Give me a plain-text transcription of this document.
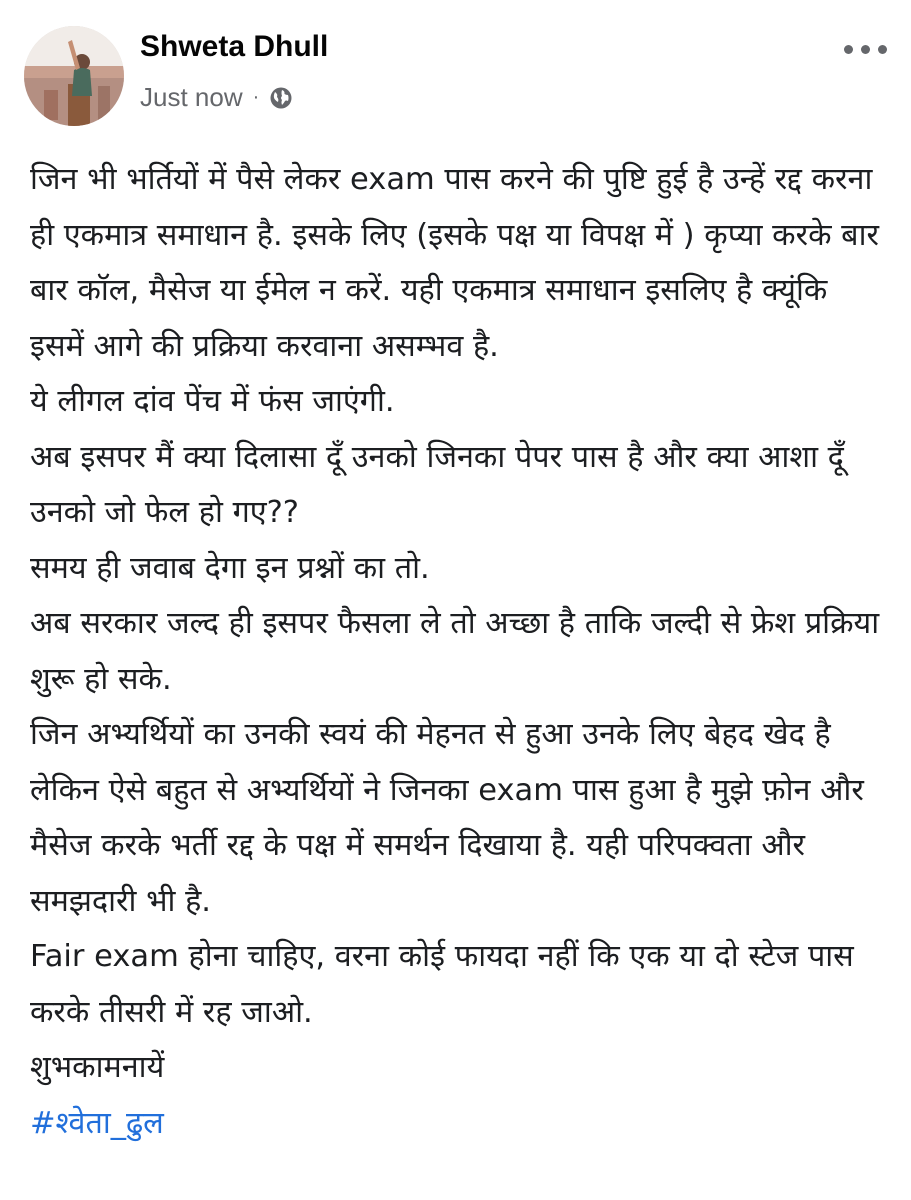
Shweta Dhull
Just now ·

जिन भी भर्तियों में पैसे लेकर exam पास करने की पुष्टि हुई है उन्हें रद्द करना ही एकमात्र समाधान है. इसके लिए (इसके पक्ष या विपक्ष में ) कृप्या करके बार बार कॉल, मैसेज या ईमेल न करें. यही एकमात्र समाधान इसलिए है क्यूंकि इसमें आगे की प्रक्रिया करवाना असम्भव है.

ये लीगल दांव पेंच में फंस जाएंगी.

अब इसपर मैं क्या दिलासा दूँ उनको जिनका पेपर पास है और क्या आशा दूँ उनको जो फेल हो गए??

समय ही जवाब देगा इन प्रश्नों का तो.

अब सरकार जल्द ही इसपर फैसला ले तो अच्छा है ताकि जल्दी से फ्रेश प्रक्रिया शुरू हो सके.

जिन अभ्यर्थियों का उनकी स्वयं की मेहनत से हुआ उनके लिए बेहद खेद है लेकिन ऐसे बहुत से अभ्यर्थियों ने जिनका exam पास हुआ है मुझे फ़ोन और मैसेज करके भर्ती रद्द के पक्ष में समर्थन दिखाया है. यही परिपक्वता और समझदारी भी है.

Fair exam होना चाहिए, वरना कोई फायदा नहीं कि एक या दो स्टेज पास करके तीसरी में रह जाओ.

शुभकामनायें

#श्वेता_ढुल
